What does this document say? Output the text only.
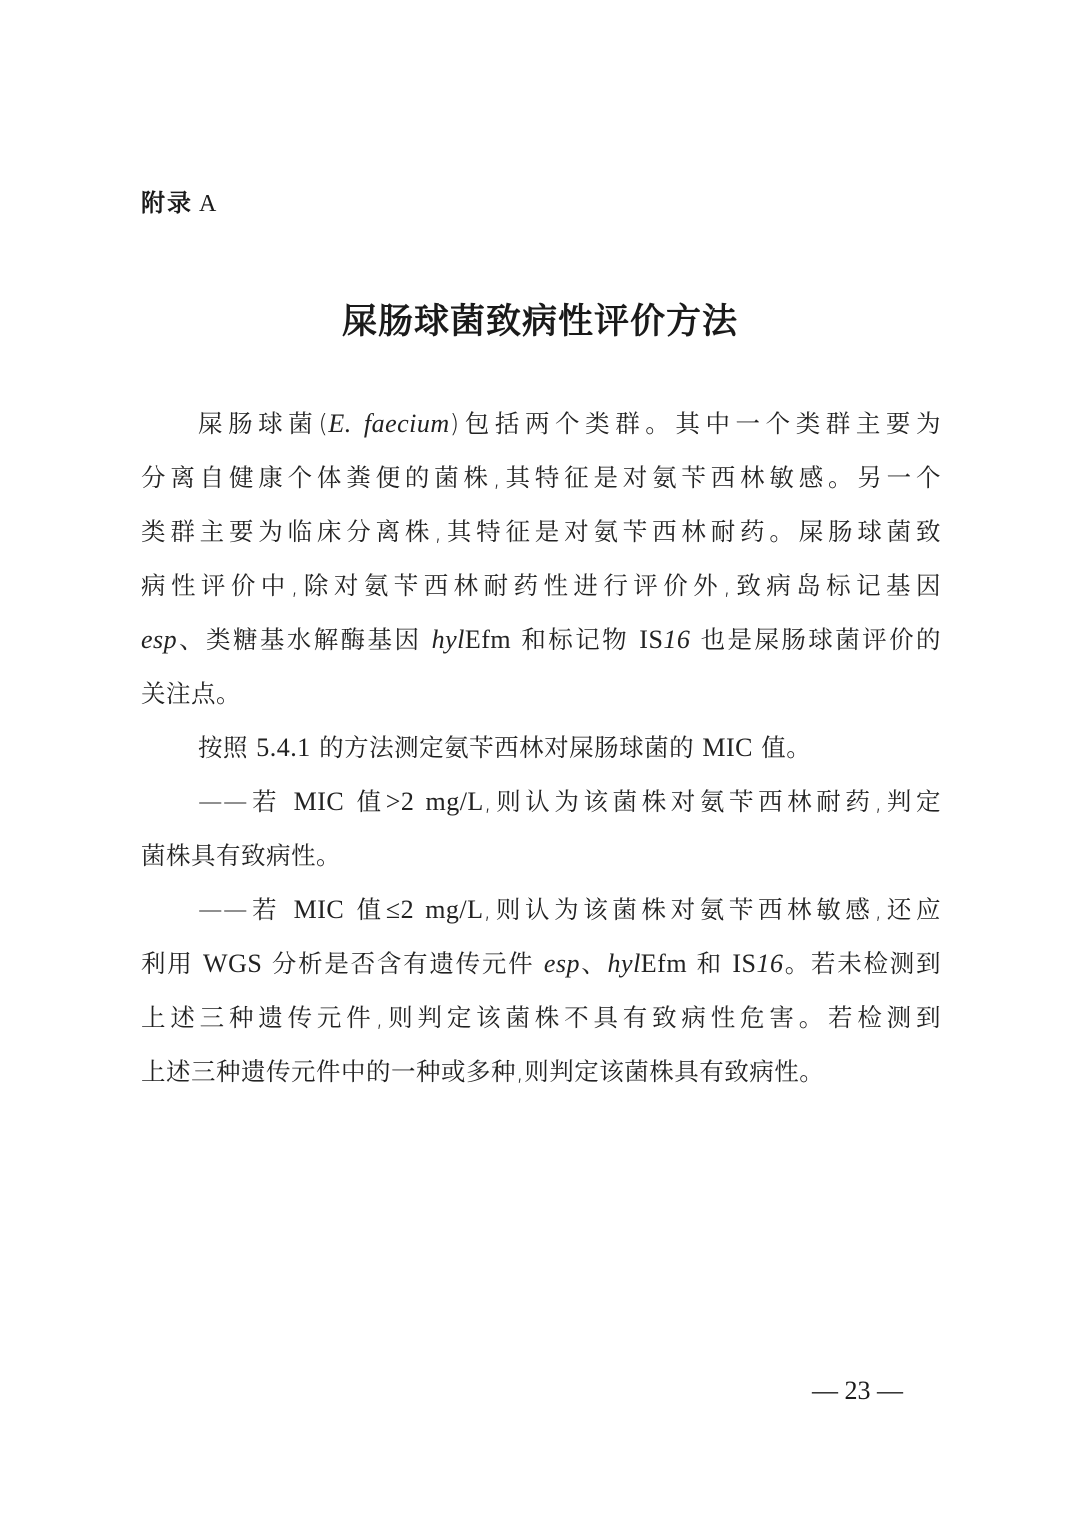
附录 A
屎肠球菌致病性评价方法
屎肠球菌(E. faecium)包括两个类群。其中一个类群主要为
分离自健康个体粪便的菌株,其特征是对氨苄西林敏感。另一个
类群主要为临床分离株,其特征是对氨苄西林耐药。屎肠球菌致
病性评价中,除对氨苄西林耐药性进行评价外,致病岛标记基因
esp、类糖基水解酶基因 hylEfm 和标记物 IS16 也是屎肠球菌评价的
关注点。
按照 5.4.1 的方法测定氨苄西林对屎肠球菌的 MIC 值。
——若 MIC 值>2 mg/L,则认为该菌株对氨苄西林耐药,判定
菌株具有致病性。
——若 MIC 值≤2 mg/L,则认为该菌株对氨苄西林敏感,还应
利用 WGS 分析是否含有遗传元件 esp、hylEfm 和 IS16。若未检测到
上述三种遗传元件,则判定该菌株不具有致病性危害。若检测到
上述三种遗传元件中的一种或多种,则判定该菌株具有致病性。
— 23 —
